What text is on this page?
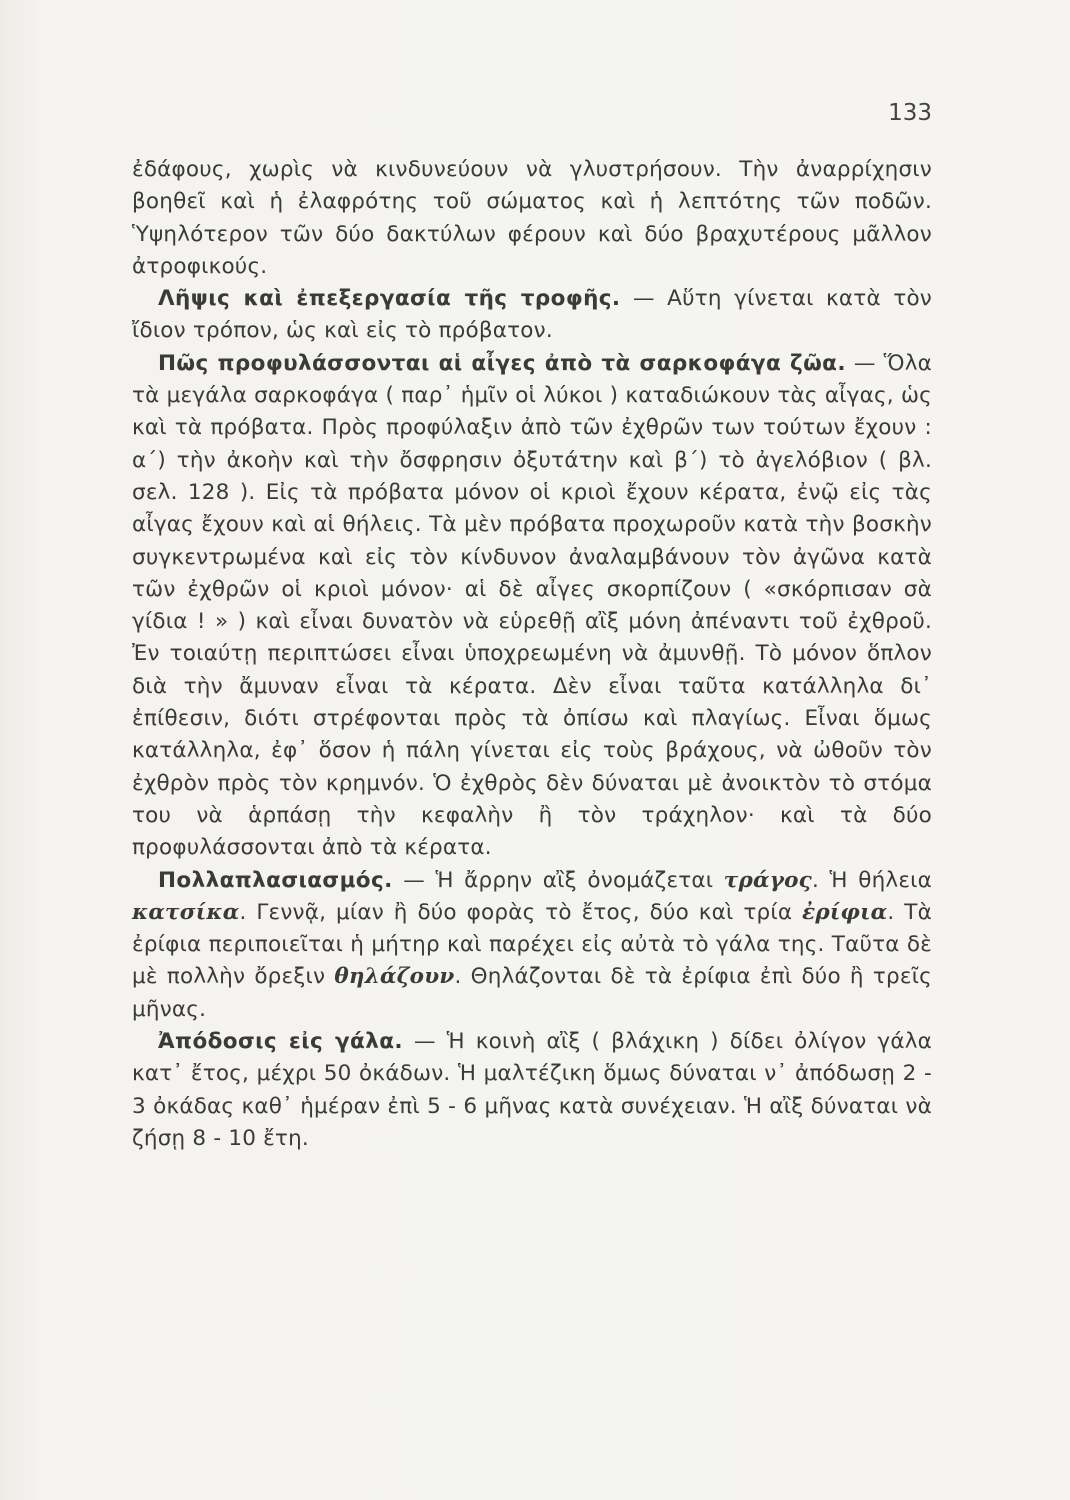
133

ἐδάφους, χωρὶς νὰ κινδυνεύουν νὰ γλυστρήσουν. Τὴν ἀναρρίχησιν βοηθεῖ καὶ ἡ ἐλαφρότης τοῦ σώματος καὶ ἡ λεπτότης τῶν ποδῶν. Ὑψηλότερον τῶν δύο δακτύλων φέρουν καὶ δύο βραχυτέρους μᾶλλον ἀτροφικούς.

Λῆψις καὶ ἐπεξεργασία τῆς τροφῆς. — Αὕτη γίνεται κατὰ τὸν ἴδιον τρόπον, ὡς καὶ εἰς τὸ πρόβατον.

Πῶς προφυλάσσονται αἱ αἶγες ἀπὸ τὰ σαρκοφάγα ζῶα. — Ὅλα τὰ μεγάλα σαρκοφάγα ( παρ᾽ ἡμῖν οἱ λύκοι ) καταδιώκουν τὰς αἶγας, ὡς καὶ τὰ πρόβατα. Πρὸς προφύλαξιν ἀπὸ τῶν ἐχθρῶν των τούτων ἔχουν : α΄) τὴν ἀκοὴν καὶ τὴν ὄσφρησιν ὀξυτάτην καὶ β΄) τὸ ἀγελόβιον ( βλ. σελ. 128 ). Εἰς τὰ πρόβατα μόνον οἱ κριοὶ ἔχουν κέρατα, ἐνῷ εἰς τὰς αἶγας ἔχουν καὶ αἱ θήλεις. Τὰ μὲν πρόβατα προχωροῦν κατὰ τὴν βοσκὴν συγκεντρωμένα καὶ εἰς τὸν κίνδυνον ἀναλαμβάνουν τὸν ἀγῶνα κατὰ τῶν ἐχθρῶν οἱ κριοὶ μόνον· αἱ δὲ αἶγες σκορπίζουν ( «σκόρπισαν σὰ γίδια ! » ) καὶ εἶναι δυνατὸν νὰ εὑρεθῇ αἲξ μόνη ἀπέναντι τοῦ ἐχθροῦ. Ἐν τοιαύτῃ περιπτώσει εἶναι ὑποχρεωμένη νὰ ἀμυνθῇ. Τὸ μόνον ὅπλον διὰ τὴν ἄμυναν εἶναι τὰ κέρατα. Δὲν εἶναι ταῦτα κατάλληλα δι᾽ ἐπίθεσιν, διότι στρέφονται πρὸς τὰ ὀπίσω καὶ πλαγίως. Εἶναι ὅμως κατάλληλα, ἐφ᾽ ὅσον ἡ πάλη γίνεται εἰς τοὺς βράχους, νὰ ὠθοῦν τὸν ἐχθρὸν πρὸς τὸν κρημνόν. Ὁ ἐχθρὸς δὲν δύναται μὲ ἀνοικτὸν τὸ στόμα του νὰ ἁρπάσῃ τὴν κεφαλὴν ἢ τὸν τράχηλον· καὶ τὰ δύο προφυλάσσονται ἀπὸ τὰ κέρατα.

Πολλαπλασιασμός. — Ἡ ἄρρην αἲξ ὀνομάζεται τράγος. Ἡ θήλεια κατσίκα. Γεννᾷ, μίαν ἢ δύο φορὰς τὸ ἔτος, δύο καὶ τρία ἐρίφια. Τὰ ἐρίφια περιποιεῖται ἡ μήτηρ καὶ παρέχει εἰς αὐτὰ τὸ γάλα της. Ταῦτα δὲ μὲ πολλὴν ὄρεξιν θηλάζουν. Θηλάζονται δὲ τὰ ἐρίφια ἐπὶ δύο ἢ τρεῖς μῆνας.

Ἀπόδοσις εἰς γάλα. — Ἡ κοινὴ αἲξ ( βλάχικη ) δίδει ὀλίγον γάλα κατ᾽ ἔτος, μέχρι 50 ὀκάδων. Ἡ μαλτέζικη ὅμως δύναται ν᾽ ἀπόδωσῃ 2 - 3 ὀκάδας καθ᾽ ἡμέραν ἐπὶ 5 - 6 μῆνας κατὰ συνέχειαν. Ἡ αἲξ δύναται νὰ ζήσῃ 8 - 10 ἔτη.
